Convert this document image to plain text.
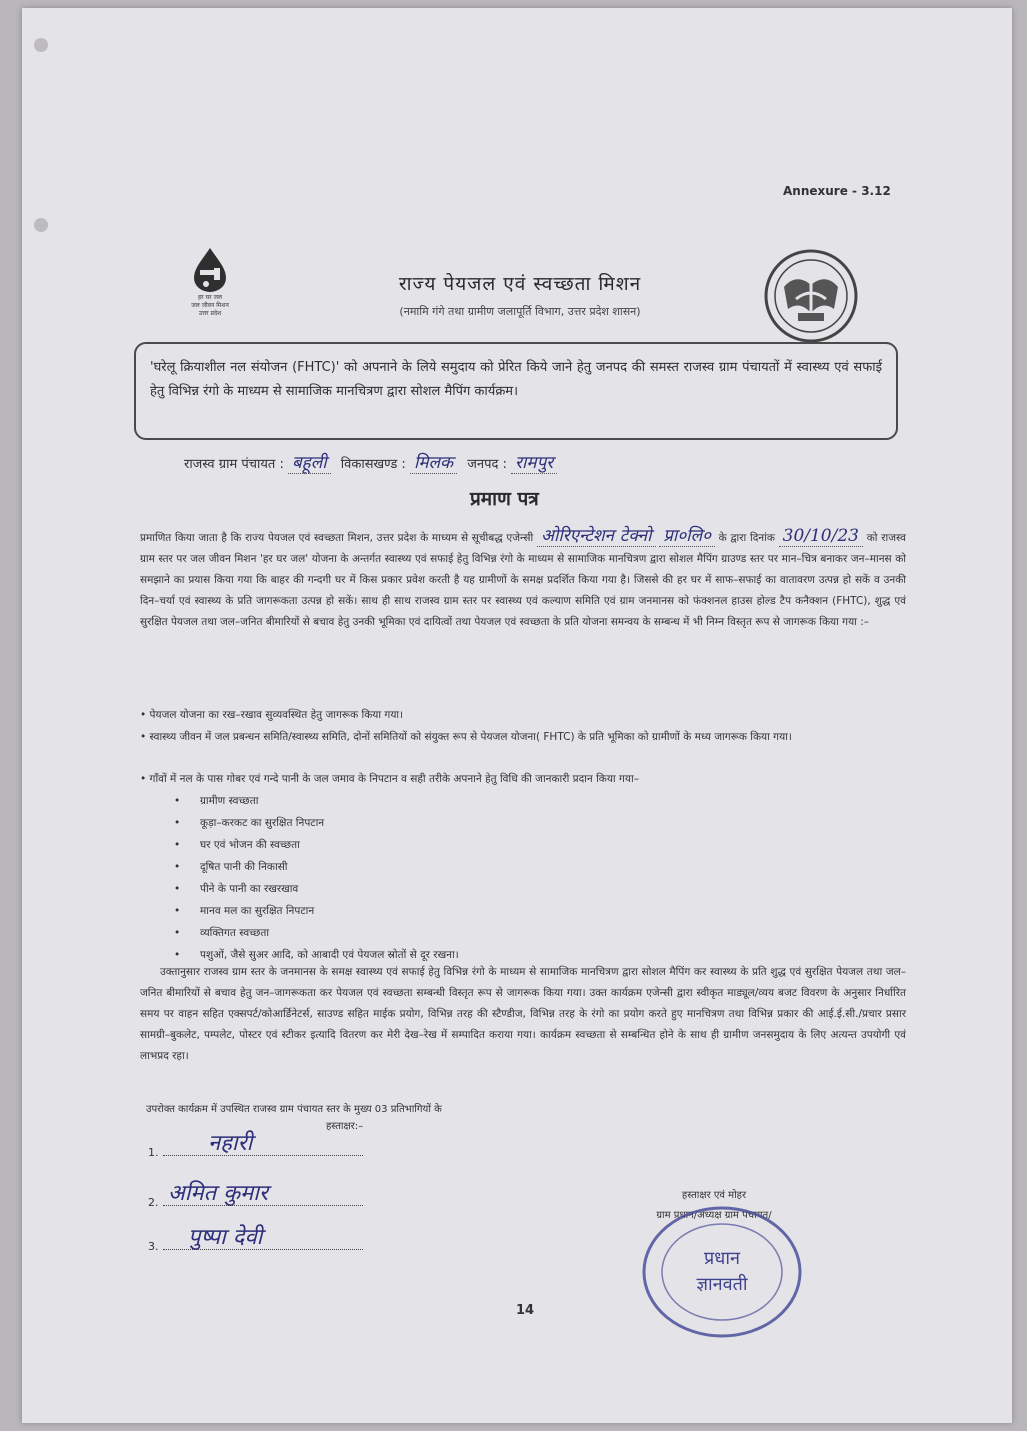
Annexure - 3.12
हर घर जल
जल जीवन मिशन
उत्तर प्रदेश
राज्य पेयजल एवं स्वच्छता मिशन
(नमामि गंगे तथा ग्रामीण जलापूर्ति विभाग, उत्तर प्रदेश शासन)
'घरेलू क्रियाशील नल संयोजन (FHTC)' को अपनाने के लिये समुदाय को प्रेरित किये जाने हेतु जनपद की समस्त राजस्व ग्राम पंचायतों में स्वास्थ्य एवं सफाई हेतु विभिन्न रंगो के माध्यम से सामाजिक मानचित्रण द्वारा सोशल मैपिंग कार्यक्रम।
राजस्व ग्राम पंचायत : बहूली विकासखण्ड : मिलक जनपद : रामपुर
प्रमाण पत्र
प्रमाणित किया जाता है कि राज्य पेयजल एवं स्वच्छता मिशन, उत्तर प्रदेश के माध्यम से सूचीबद्ध एजेन्सी ओरिएन्टेशन टेक्नो प्रा०लि० के द्वारा दिनांक 30/10/23 को राजस्व ग्राम स्तर पर जल जीवन मिशन 'हर घर जल' योजना के अन्तर्गत स्वास्थ्य एवं सफाई हेतु विभिन्न रंगो के माध्यम से सामाजिक मानचित्रण द्वारा सोशल मैपिंग ग्राउण्ड स्तर पर मान–चित्र बनाकर जन–मानस को समझाने का प्रयास किया गया कि बाहर की गन्दगी घर में किस प्रकार प्रवेश करती है यह ग्रामीणों के समक्ष प्रदर्शित किया गया है। जिससे की हर घर में साफ–सफाई का वातावरण उत्पन्न हो सकें व उनकी दिन–चर्या एवं स्वास्थ्य के प्रति जागरूकता उत्पन्न हो सकें। साथ ही साथ राजस्व ग्राम स्तर पर स्वास्थ्य एवं कल्याण समिति एवं ग्राम जनमानस को फंक्शनल हाउस होल्ड टैप कनैक्शन (FHTC), शुद्ध एवं सुरक्षित पेयजल तथा जल–जनित बीमारियों से बचाव हेतु उनकी भूमिका एवं दायित्वों तथा पेयजल एवं स्वच्छता के प्रति योजना समन्वय के सम्बन्ध में भी निम्न विस्तृत रूप से जागरूक किया गया :–
• पेयजल योजना का रख–रखाव सुव्यवस्थित हेतु जागरूक किया गया।
• स्वास्थ्य जीवन में जल प्रबन्धन समिति/स्वास्थ्य समिति, दोनों समितियों को संयुक्त रूप से पेयजल योजना( FHTC) के प्रति भूमिका को ग्रामीणों के मध्य जागरूक किया गया।
• गाँवों में नल के पास गोबर एवं गन्दे पानी के जल जमाव के निपटान व सही तरीके अपनाने हेतु विधि की जानकारी प्रदान किया गया–
• ग्रामीण स्वच्छता
• कूड़ा–करकट का सुरक्षित निपटान
• घर एवं भोजन की स्वच्छता
• दूषित पानी की निकासी
• पीने के पानी का रखरखाव
• मानव मल का सुरक्षित निपटान
• व्यक्तिगत स्वच्छता
• पशुओं, जैसे सुअर आदि, को आबादी एवं पेयजल स्रोतों से दूर रखना।
उक्तानुसार राजस्व ग्राम स्तर के जनमानस के समक्ष स्वास्थ्य एवं सफाई हेतु विभिन्न रंगो के माध्यम से सामाजिक मानचित्रण द्वारा सोशल मैपिंग कर स्वास्थ्य के प्रति शुद्ध एवं सुरक्षित पेयजल तथा जल–जनित बीमारियों से बचाव हेतु जन–जागरूकता कर पेयजल एवं स्वच्छता सम्बन्धी विस्तृत रूप से जागरूक किया गया। उक्त कार्यक्रम एजेन्सी द्वारा स्वीकृत माड्यूल/व्यय बजट विवरण के अनुसार निर्धारित समय पर वाहन सहित एक्सपर्ट/कोआर्डिनेटर्स, साउण्ड सहित माईक प्रयोग, विभिन्न तरह की स्टैण्डीज, विभिन्न तरह के रंगो का प्रयोग करते हुए मानचित्रण तथा विभिन्न प्रकार की आई.ई.सी./प्रचार प्रसार सामग्री–बुकलेट, पम्पलेट, पोस्टर एवं स्टीकर इत्यादि वितरण कर मेरी देख–रेख में सम्पादित कराया गया। कार्यक्रम स्वच्छता से सम्बन्धित होने के साथ ही ग्रामीण जनसमुदाय के लिए अत्यन्त उपयोगी एवं लाभप्रद रहा।
उपरोक्त कार्यक्रम में उपस्थित राजस्व ग्राम पंचायत स्तर के मुख्य 03 प्रतिभागियों के
हस्ताक्षर:–
1. नहारी
2. अमित कुमार
3. पुष्पा देवी
हस्ताक्षर एवं मोहर
ग्राम प्रधान/अध्यक्ष ग्राम पंचायत/
प्रधान
ज्ञानवती
14
